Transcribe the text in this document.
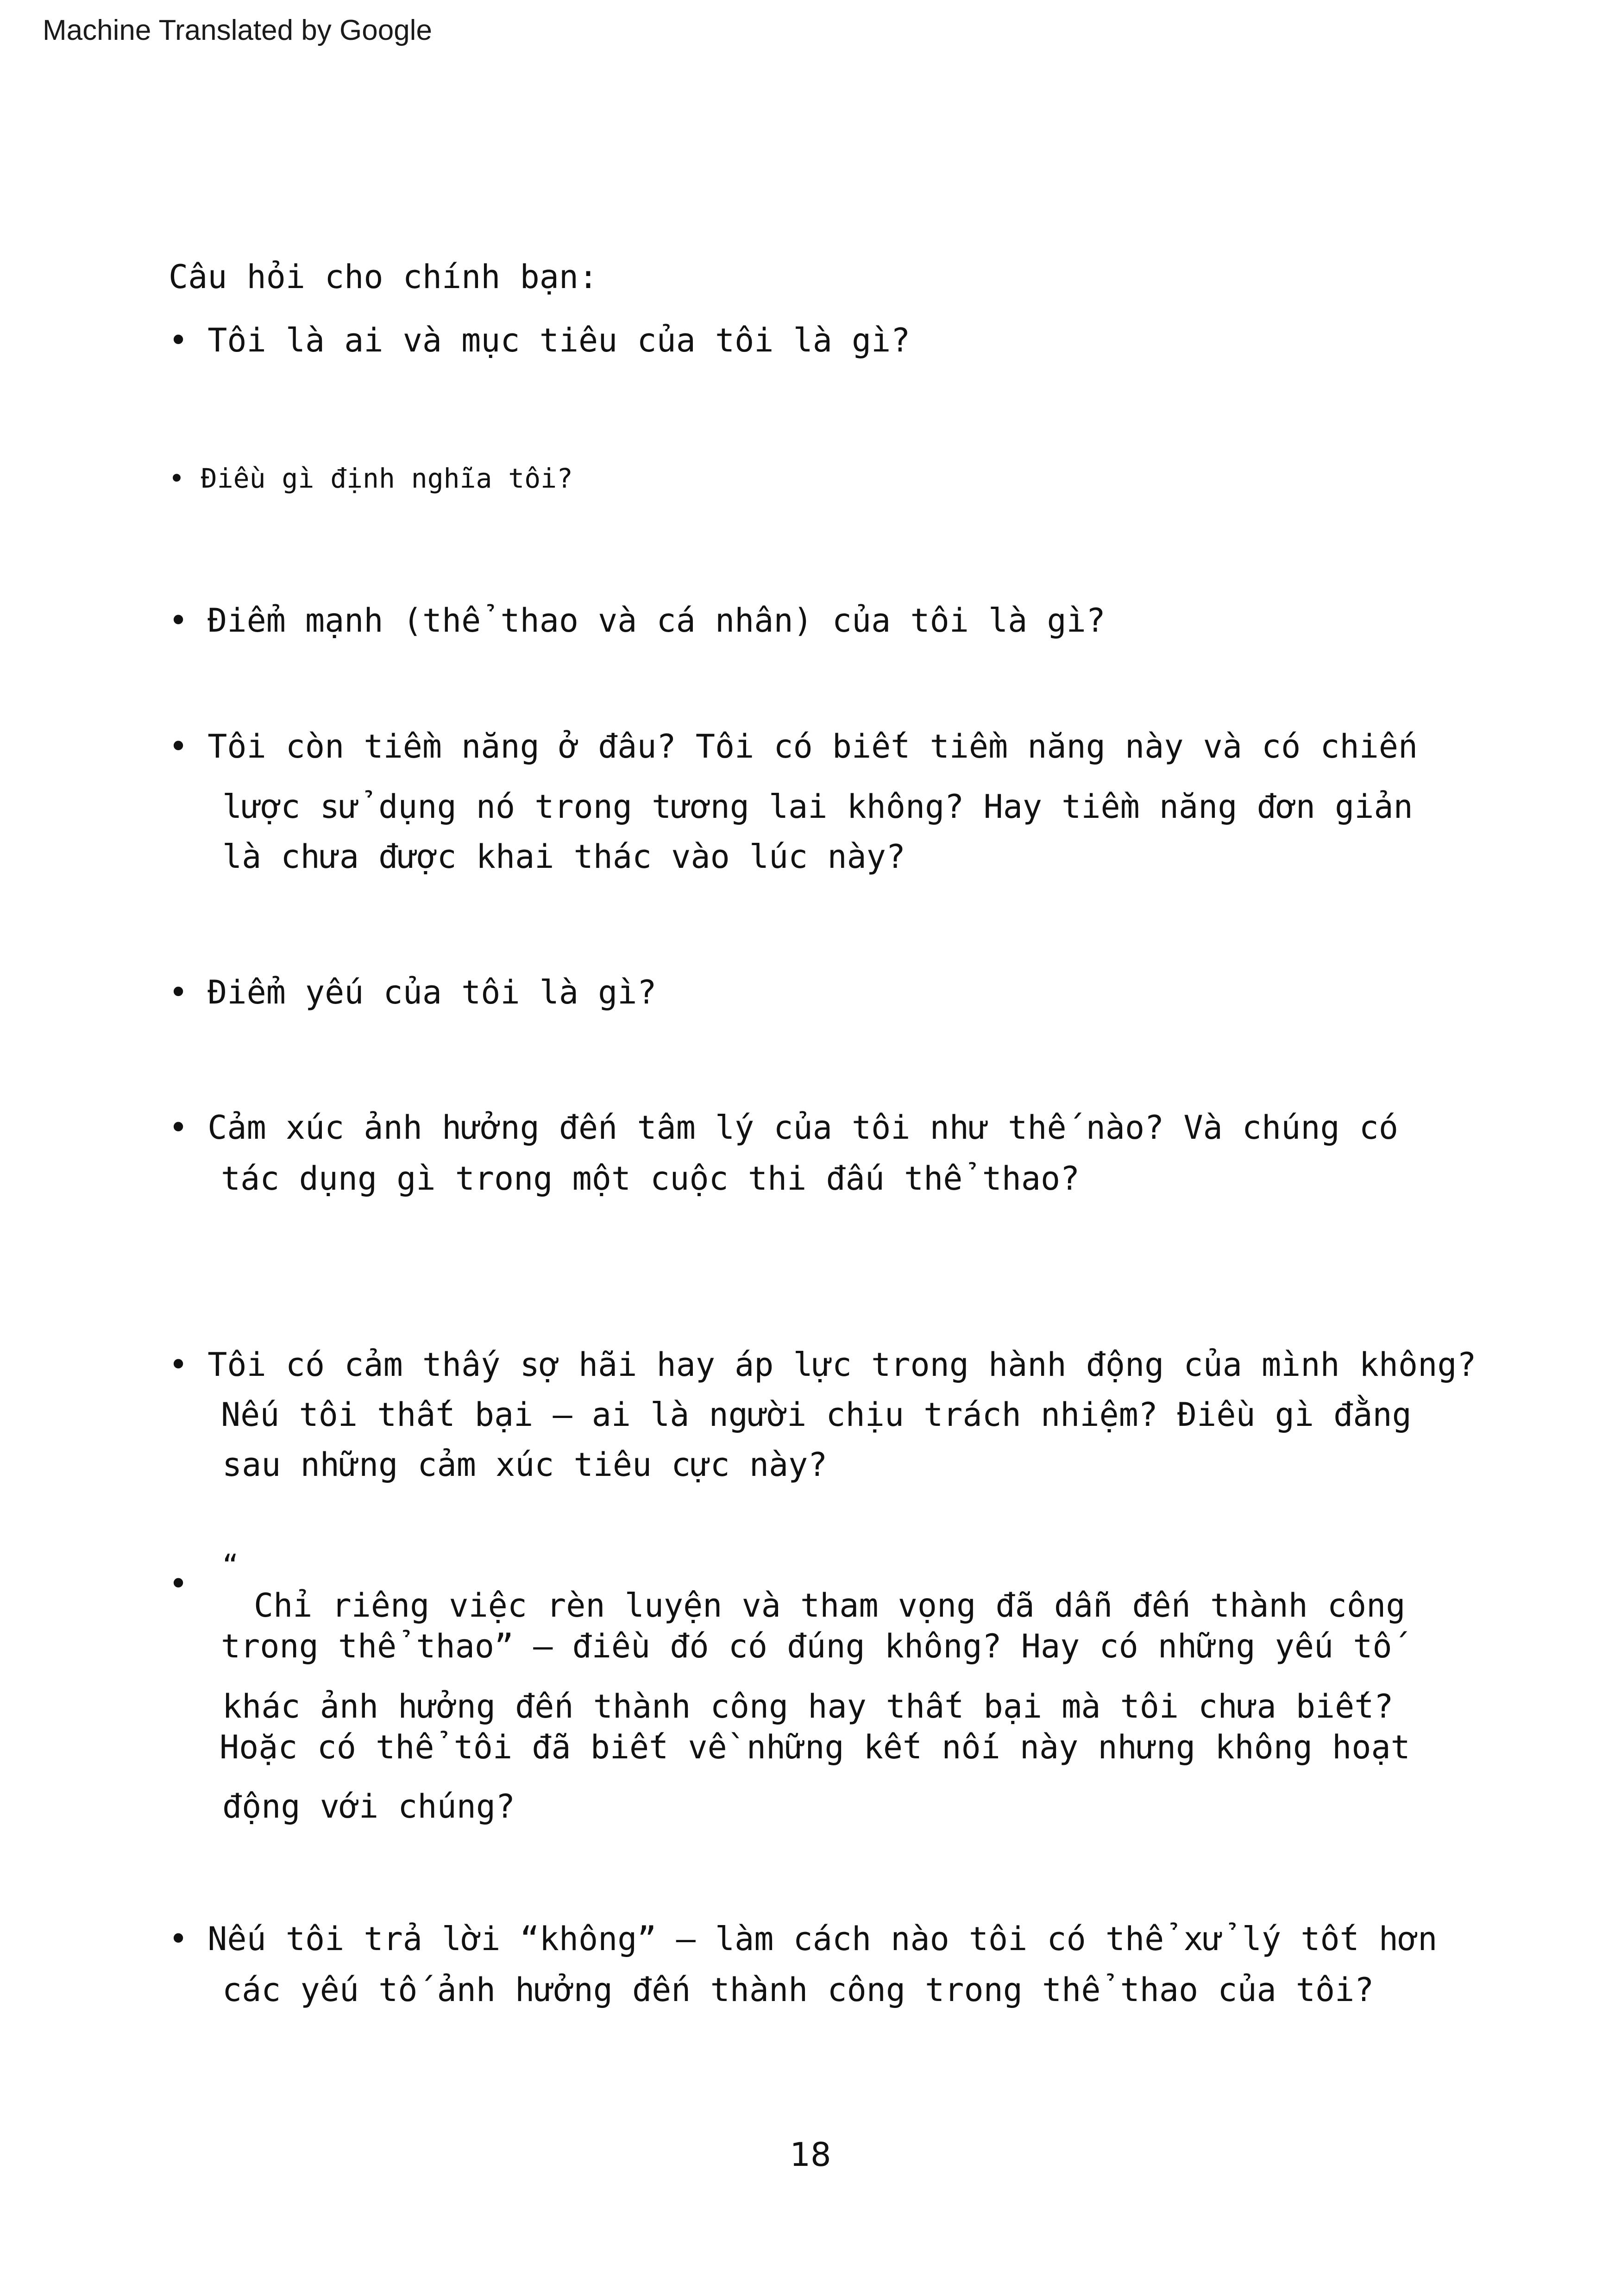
Machine Translated by Google
Câu hỏi cho chính bạn:
• Tôi là ai và mục tiêu của tôi là gì?
• Điều gì định nghĩa tôi?
• Điểm mạnh (thể thao và cá nhân) của tôi là gì?
• Tôi còn tiềm năng ở đâu? Tôi có biết tiềm năng này và có chiến
lược sử dụng nó trong tương lai không? Hay tiềm năng đơn giản
là chưa được khai thác vào lúc này?
• Điểm yếu của tôi là gì?
• Cảm xúc ảnh hưởng đến tâm lý của tôi như thế nào? Và chúng có
tác dụng gì trong một cuộc thi đấu thể thao?
• Tôi có cảm thấy sợ hãi hay áp lực trong hành động của mình không?
Nếu tôi thất bại – ai là người chịu trách nhiệm? Điều gì đằng
sau những cảm xúc tiêu cực này?
“
•
Chỉ riêng việc rèn luyện và tham vọng đã dẫn đến thành công
trong thể thao” – điều đó có đúng không? Hay có những yếu tố
khác ảnh hưởng đến thành công hay thất bại mà tôi chưa biết?
Hoặc có thể tôi đã biết về những kết nối này nhưng không hoạt
động với chúng?
• Nếu tôi trả lời “không” – làm cách nào tôi có thể xử lý tốt hơn
các yếu tố ảnh hưởng đến thành công trong thể thao của tôi?
18
